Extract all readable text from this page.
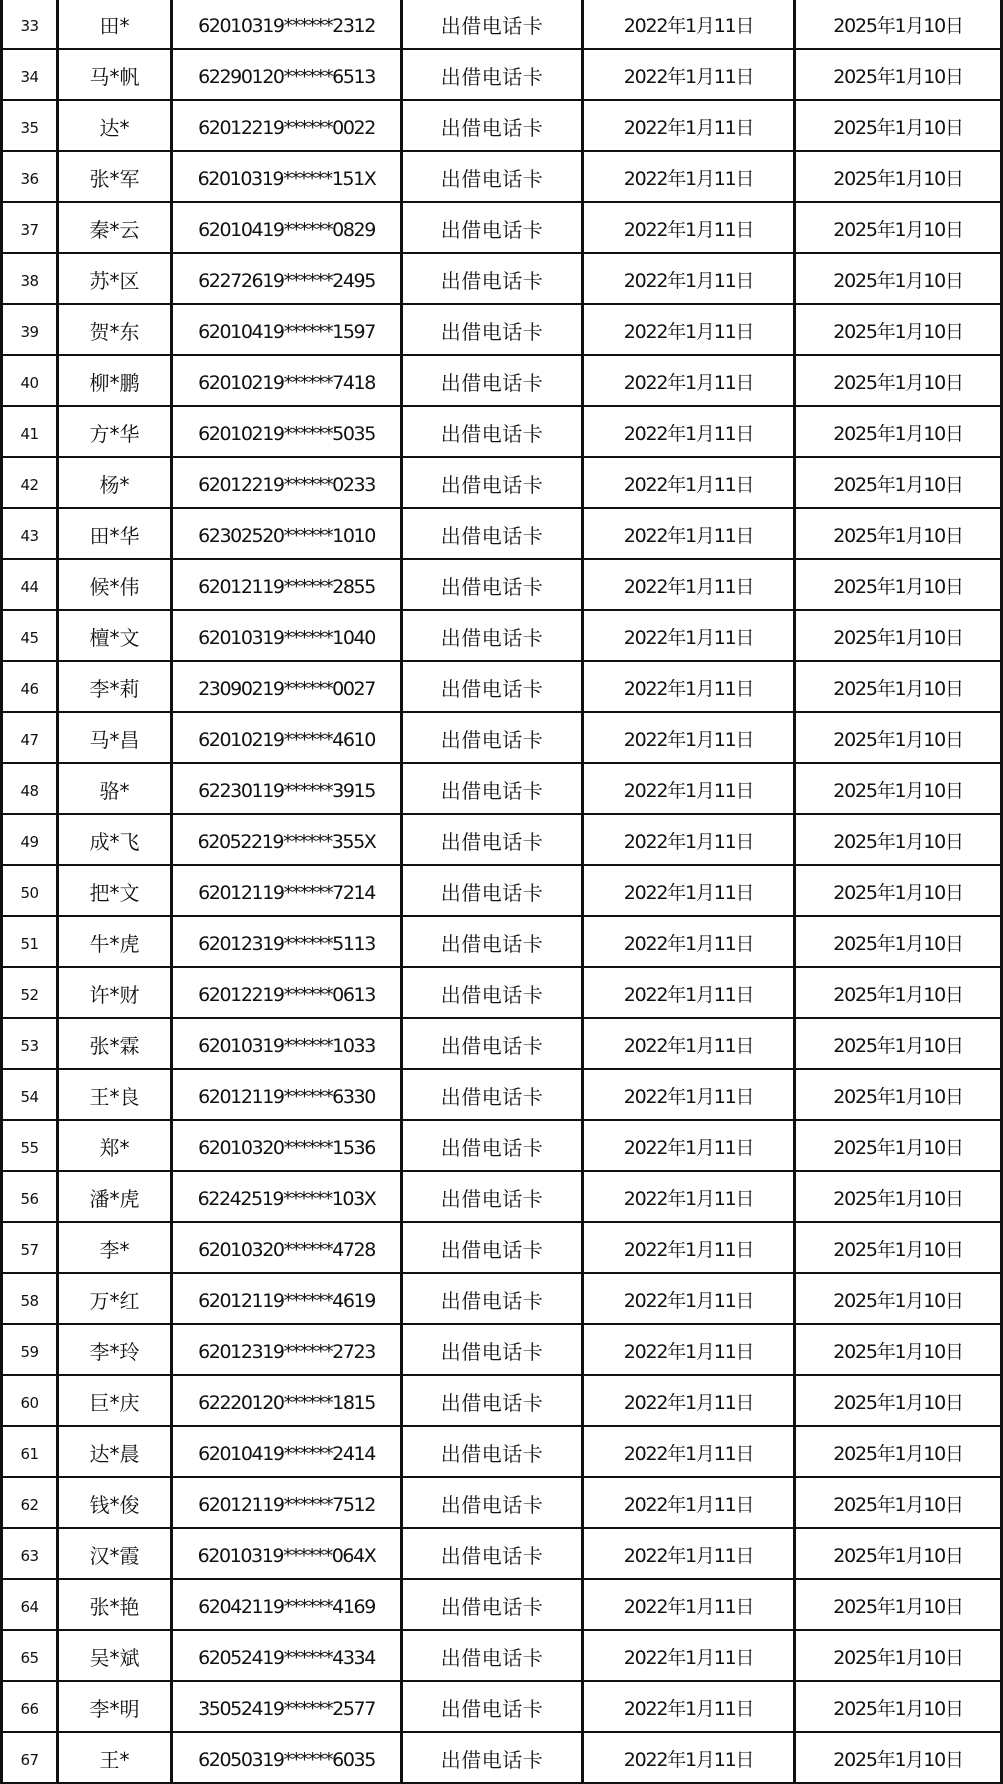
33	田*	62010319******2312	出借电话卡	2022年1月11日	2025年1月10日
34	马*帆	62290120******6513	出借电话卡	2022年1月11日	2025年1月10日
35	达*	62012219******0022	出借电话卡	2022年1月11日	2025年1月10日
36	张*军	62010319******151X	出借电话卡	2022年1月11日	2025年1月10日
37	秦*云	62010419******0829	出借电话卡	2022年1月11日	2025年1月10日
38	苏*区	62272619******2495	出借电话卡	2022年1月11日	2025年1月10日
39	贺*东	62010419******1597	出借电话卡	2022年1月11日	2025年1月10日
40	柳*鹏	62010219******7418	出借电话卡	2022年1月11日	2025年1月10日
41	方*华	62010219******5035	出借电话卡	2022年1月11日	2025年1月10日
42	杨*	62012219******0233	出借电话卡	2022年1月11日	2025年1月10日
43	田*华	62302520******1010	出借电话卡	2022年1月11日	2025年1月10日
44	候*伟	62012119******2855	出借电话卡	2022年1月11日	2025年1月10日
45	檀*文	62010319******1040	出借电话卡	2022年1月11日	2025年1月10日
46	李*莉	23090219******0027	出借电话卡	2022年1月11日	2025年1月10日
47	马*昌	62010219******4610	出借电话卡	2022年1月11日	2025年1月10日
48	骆*	62230119******3915	出借电话卡	2022年1月11日	2025年1月10日
49	成*飞	62052219******355X	出借电话卡	2022年1月11日	2025年1月10日
50	把*文	62012119******7214	出借电话卡	2022年1月11日	2025年1月10日
51	牛*虎	62012319******5113	出借电话卡	2022年1月11日	2025年1月10日
52	许*财	62012219******0613	出借电话卡	2022年1月11日	2025年1月10日
53	张*霖	62010319******1033	出借电话卡	2022年1月11日	2025年1月10日
54	王*良	62012119******6330	出借电话卡	2022年1月11日	2025年1月10日
55	郑*	62010320******1536	出借电话卡	2022年1月11日	2025年1月10日
56	潘*虎	62242519******103X	出借电话卡	2022年1月11日	2025年1月10日
57	李*	62010320******4728	出借电话卡	2022年1月11日	2025年1月10日
58	万*红	62012119******4619	出借电话卡	2022年1月11日	2025年1月10日
59	李*玲	62012319******2723	出借电话卡	2022年1月11日	2025年1月10日
60	巨*庆	62220120******1815	出借电话卡	2022年1月11日	2025年1月10日
61	达*晨	62010419******2414	出借电话卡	2022年1月11日	2025年1月10日
62	钱*俊	62012119******7512	出借电话卡	2022年1月11日	2025年1月10日
63	汉*霞	62010319******064X	出借电话卡	2022年1月11日	2025年1月10日
64	张*艳	62042119******4169	出借电话卡	2022年1月11日	2025年1月10日
65	吴*斌	62052419******4334	出借电话卡	2022年1月11日	2025年1月10日
66	李*明	35052419******2577	出借电话卡	2022年1月11日	2025年1月10日
67	王*	62050319******6035	出借电话卡	2022年1月11日	2025年1月10日
